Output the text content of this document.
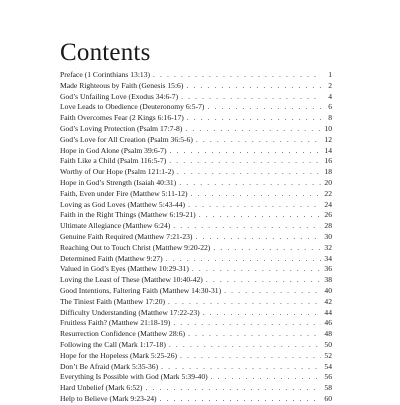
Contents
Preface (1 Corinthians 13:13) . . .	1
Made Righteous by Faith (Genesis 15:6) . . .	2
God’s Unfailing Love (Exodus 34:6-7) . . .	4
Love Leads to Obedience (Deuteronomy 6:5-7) . . .	6
Faith Overcomes Fear (2 Kings 6:16-17) . . .	8
God’s Loving Protection (Psalm 17:7-8) . . .	10
God’s Love for All Creation (Psalm 36:5-6) . . .	12
Hope in God Alone (Psalm 39:6-7) . . .	14
Faith Like a Child (Psalm 116:5-7) . . .	16
Worthy of Our Hope (Psalm 121:1-2) . . .	18
Hope in God’s Strength (Isaiah 40:31) . . .	20
Faith, Even under Fire (Matthew 5:11-12) . . .	22
Loving as God Loves (Matthew 5:43-44) . . .	24
Faith in the Right Things (Matthew 6:19-21) . . .	26
Ultimate Allegiance (Matthew 6:24) . . .	28
Genuine Faith Required (Matthew 7:21-23) . . .	30
Reaching Out to Touch Christ (Matthew 9:20-22) . . .	32
Determined Faith (Matthew 9:27) . . .	34
Valued in God’s Eyes (Matthew 10:29-31) . . .	36
Loving the Least of These (Matthew 10:40-42) . . .	38
Good Intentions, Faltering Faith (Matthew 14:30-31) . . .	40
The Tiniest Faith (Matthew 17:20) . . .	42
Difficulty Understanding (Matthew 17:22-23) . . .	44
Fruitless Faith? (Matthew 21:18-19) . . .	46
Resurrection Confidence (Matthew 28:6) . . .	48
Following the Call (Mark 1:17-18) . . .	50
Hope for the Hopeless (Mark 5:25-26) . . .	52
Don’t Be Afraid (Mark 5:35-36) . . .	54
Everything Is Possible with God (Mark 5:39-40) . . .	56
Hard Unbelief (Mark 6:52) . . .	58
Help to Believe (Mark 9:23-24) . . .	60
